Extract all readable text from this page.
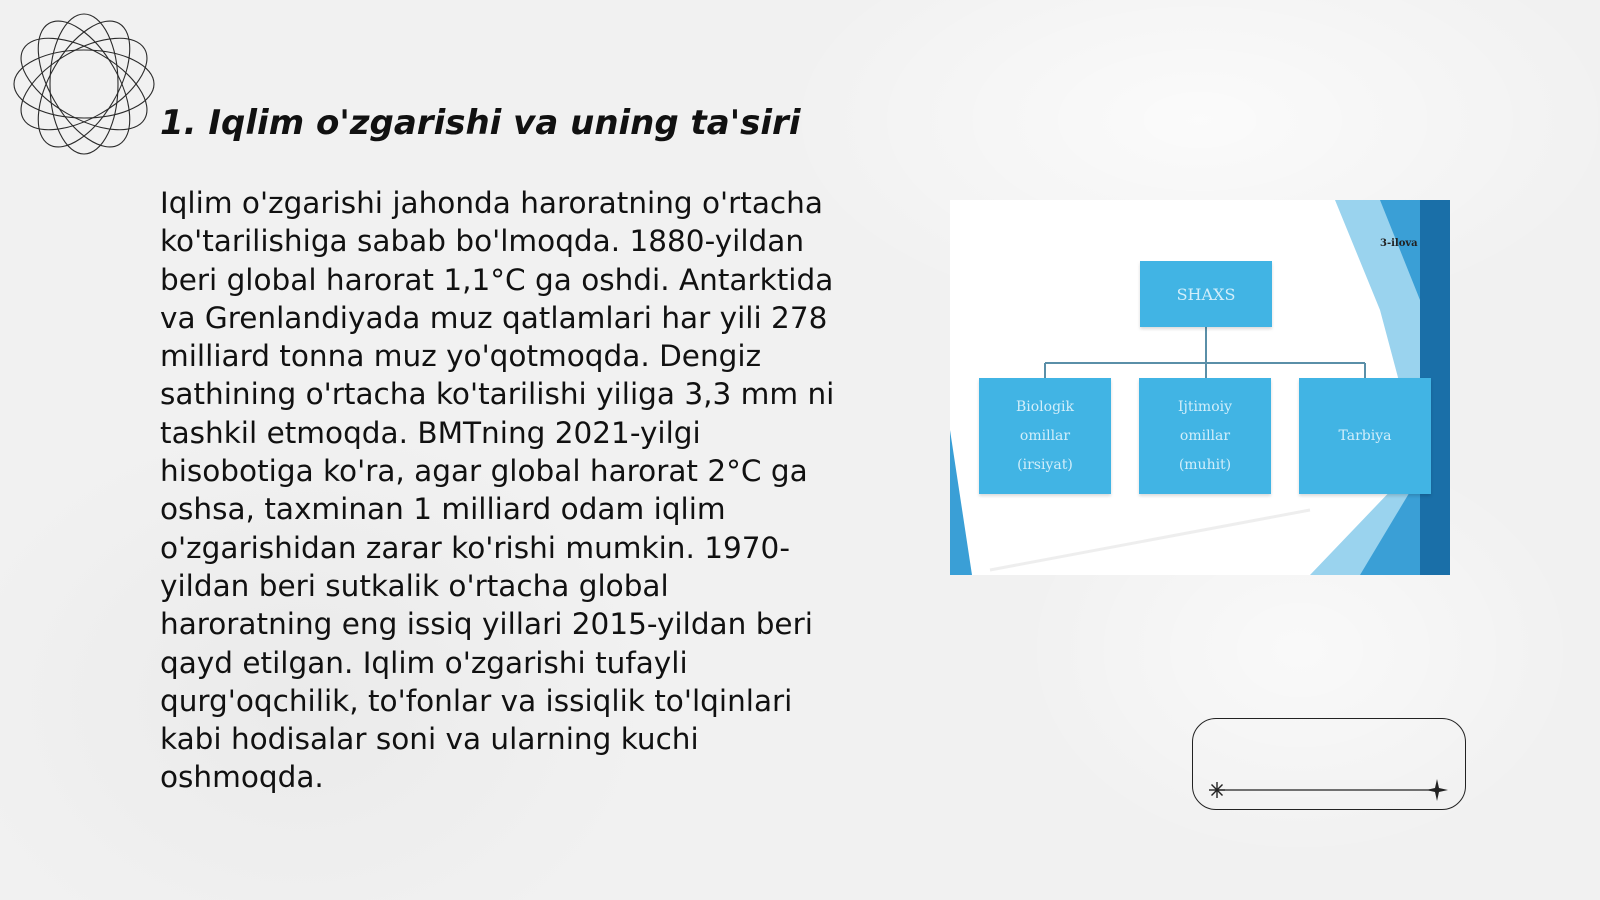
1. Iqlim o'zgarishi va uning ta'siri

Iqlim o'zgarishi jahonda haroratning o'rtacha ko'tarilishiga sabab bo'lmoqda. 1880-yildan beri global harorat 1,1°C ga oshdi. Antarktida va Grenlandiyada muz qatlamlari har yili 278 milliard tonna muz yo'qotmoqda. Dengiz sathining o'rtacha ko'tarilishi yiliga 3,3 mm ni tashkil etmoqda. BMTning 2021-yilgi hisobotiga ko'ra, agar global harorat 2°C ga oshsa, taxminan 1 milliard odam iqlim o'zgarishidan zarar ko'rishi mumkin. 1970-yildan beri sutkalik o'rtacha global haroratning eng issiq yillari 2015-yildan beri qayd etilgan. Iqlim o'zgarishi tufayli qurg'oqchilik, to'fonlar va issiqlik to'lqinlari kabi hodisalar soni va ularning kuchi oshmoqda.

3-ilova
SHAXS
Biologik
omillar
(irsiyat)
Ijtimoiy
omillar
(muhit)
Tarbiya
